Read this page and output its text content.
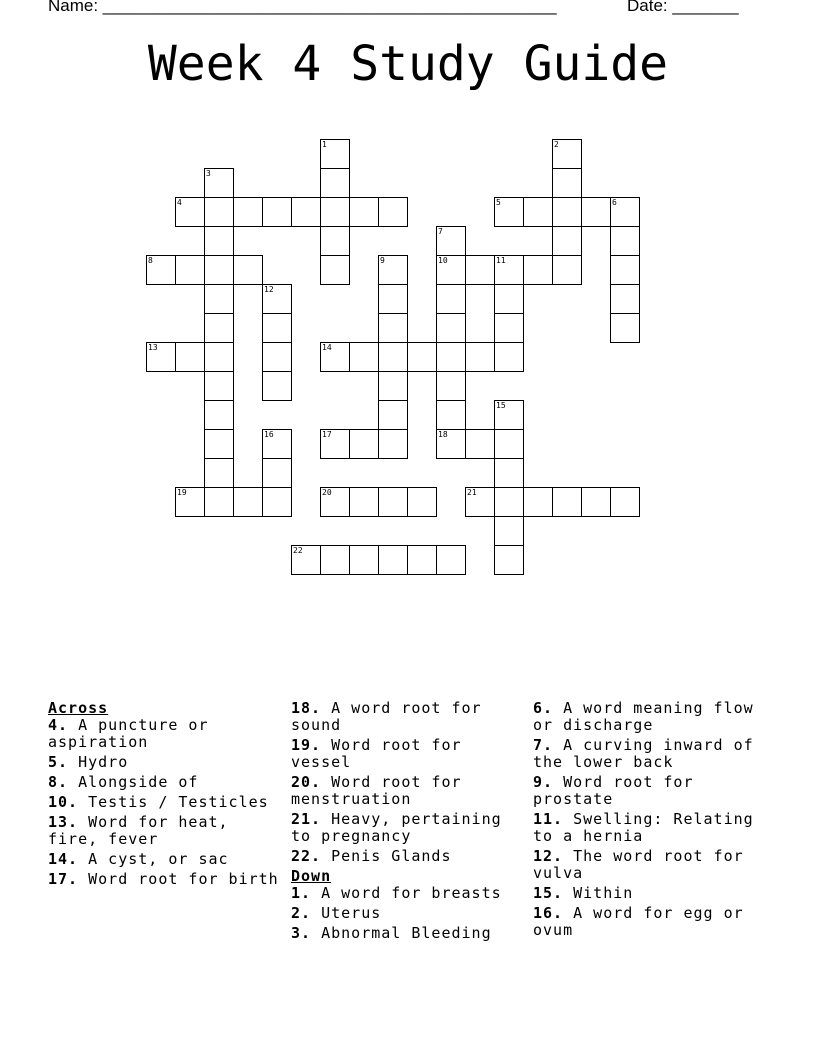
Name: ________________________________________________	Date: _______
Week 4 Study Guide
4	5	6
8	10	11
13	14
17	18
19	20	21
22
1	2
3
7
9
12
15
16
Across
4. A puncture or aspiration
5. Hydro
8. Alongside of
10. Testis / Testicles
13. Word for heat, fire, fever
14. A cyst, or sac
17. Word root for birth
18. A word root for sound
19. Word root for vessel
20. Word root for menstruation
21. Heavy, pertaining to pregnancy
22. Penis Glands
Down
1. A word for breasts
2. Uterus
3. Abnormal Bleeding
6. A word meaning flow or discharge
7. A curving inward of the lower back
9. Word root for prostate
11. Swelling: Relating to a hernia
12. The word root for vulva
15. Within
16. A word for egg or ovum
